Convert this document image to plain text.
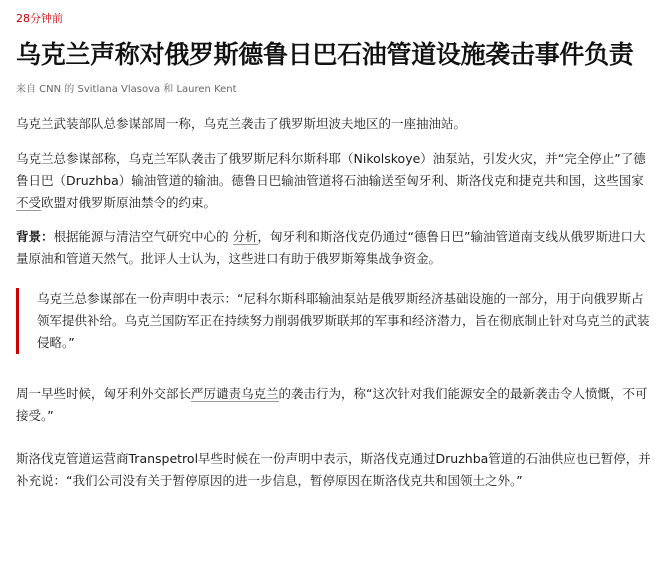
28分钟前
乌克兰声称对俄罗斯德鲁日巴石油管道设施袭击事件负责
来自 CNN 的 Svitlana Vlasova 和 Lauren Kent

乌克兰武装部队总参谋部周一称，乌克兰袭击了俄罗斯坦波夫地区的一座抽油站。

乌克兰总参谋部称，乌克兰军队袭击了俄罗斯尼科尔斯科耶（Nikolskoye）油泵站，引发火灾，并“完全停止”了德鲁日巴（Druzhba）输油管道的输油。德鲁日巴输油管道将石油输送至匈牙利、斯洛伐克和捷克共和国，这些国家不受欧盟对俄罗斯原油禁令的约束。

背景：根据能源与清洁空气研究中心的 分析，匈牙利和斯洛伐克仍通过“德鲁日巴”输油管道南支线从俄罗斯进口大量原油和管道天然气。批评人士认为，这些进口有助于俄罗斯筹集战争资金。

乌克兰总参谋部在一份声明中表示：“尼科尔斯科耶输油泵站是俄罗斯经济基础设施的一部分，用于向俄罗斯占领军提供补给。乌克兰国防军正在持续努力削弱俄罗斯联邦的军事和经济潜力，旨在彻底制止针对乌克兰的武装侵略。”

周一早些时候，匈牙利外交部长严厉谴责乌克兰的袭击行为，称“这次针对我们能源安全的最新袭击令人愤慨，不可接受。”

斯洛伐克管道运营商Transpetrol早些时候在一份声明中表示，斯洛伐克通过Druzhba管道的石油供应也已暂停，并补充说：“我们公司没有关于暂停原因的进一步信息，暂停原因在斯洛伐克共和国领土之外。”
